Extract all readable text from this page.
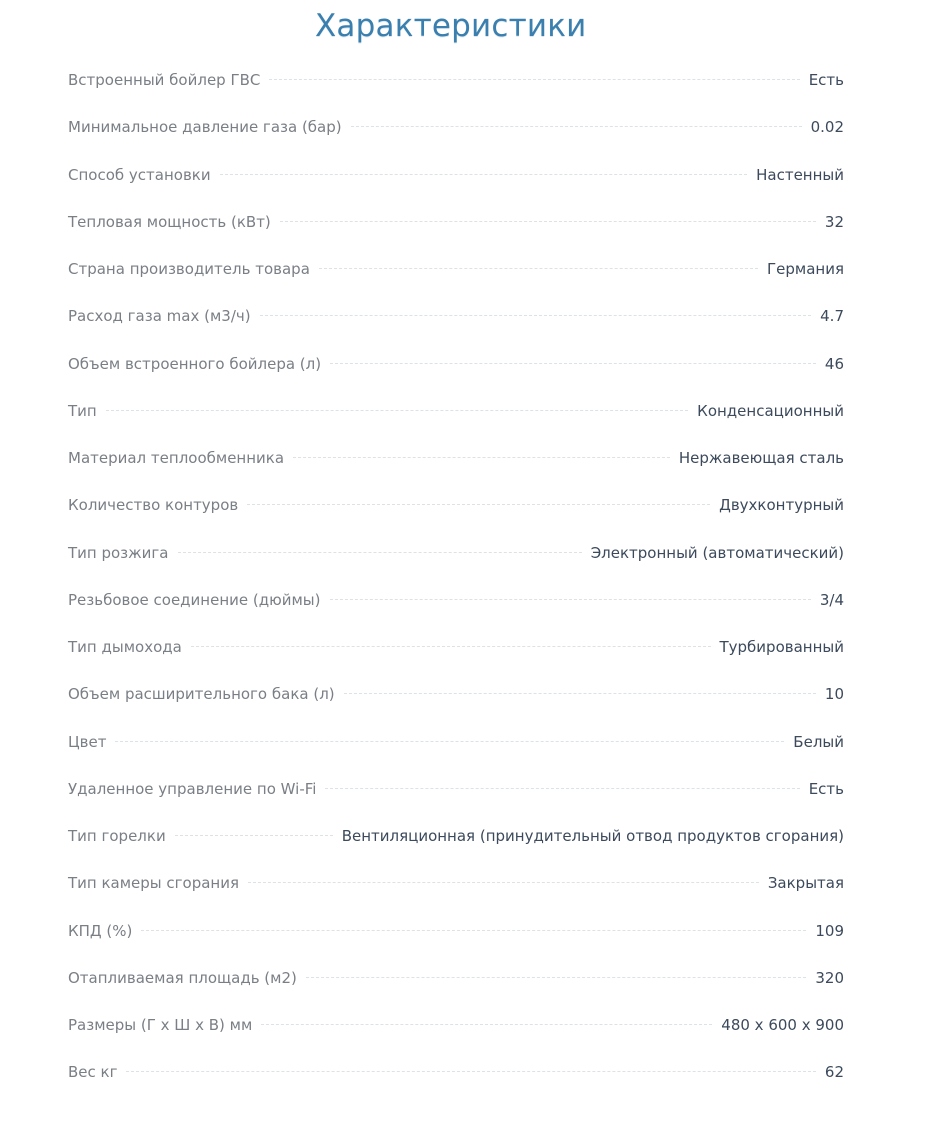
Характеристики
Встроенный бойлер ГВС	Есть
Минимальное давление газа (бар)	0.02
Способ установки	Настенный
Тепловая мощность (кВт)	32
Страна производитель товара	Германия
Расход газа max (м3/ч)	4.7
Объем встроенного бойлера (л)	46
Тип	Конденсационный
Материал теплообменника	Нержавеющая сталь
Количество контуров	Двухконтурный
Тип розжига	Электронный (автоматический)
Резьбовое соединение (дюймы)	3/4
Тип дымохода	Турбированный
Объем расширительного бака (л)	10
Цвет	Белый
Удаленное управление по Wi-Fi	Есть
Тип горелки	Вентиляционная (принудительный отвод продуктов сгорания)
Тип камеры сгорания	Закрытая
КПД (%)	109
Отапливаемая площадь (м2)	320
Размеры (Г x Ш x В) мм	480 x 600 x 900
Вес кг	62
